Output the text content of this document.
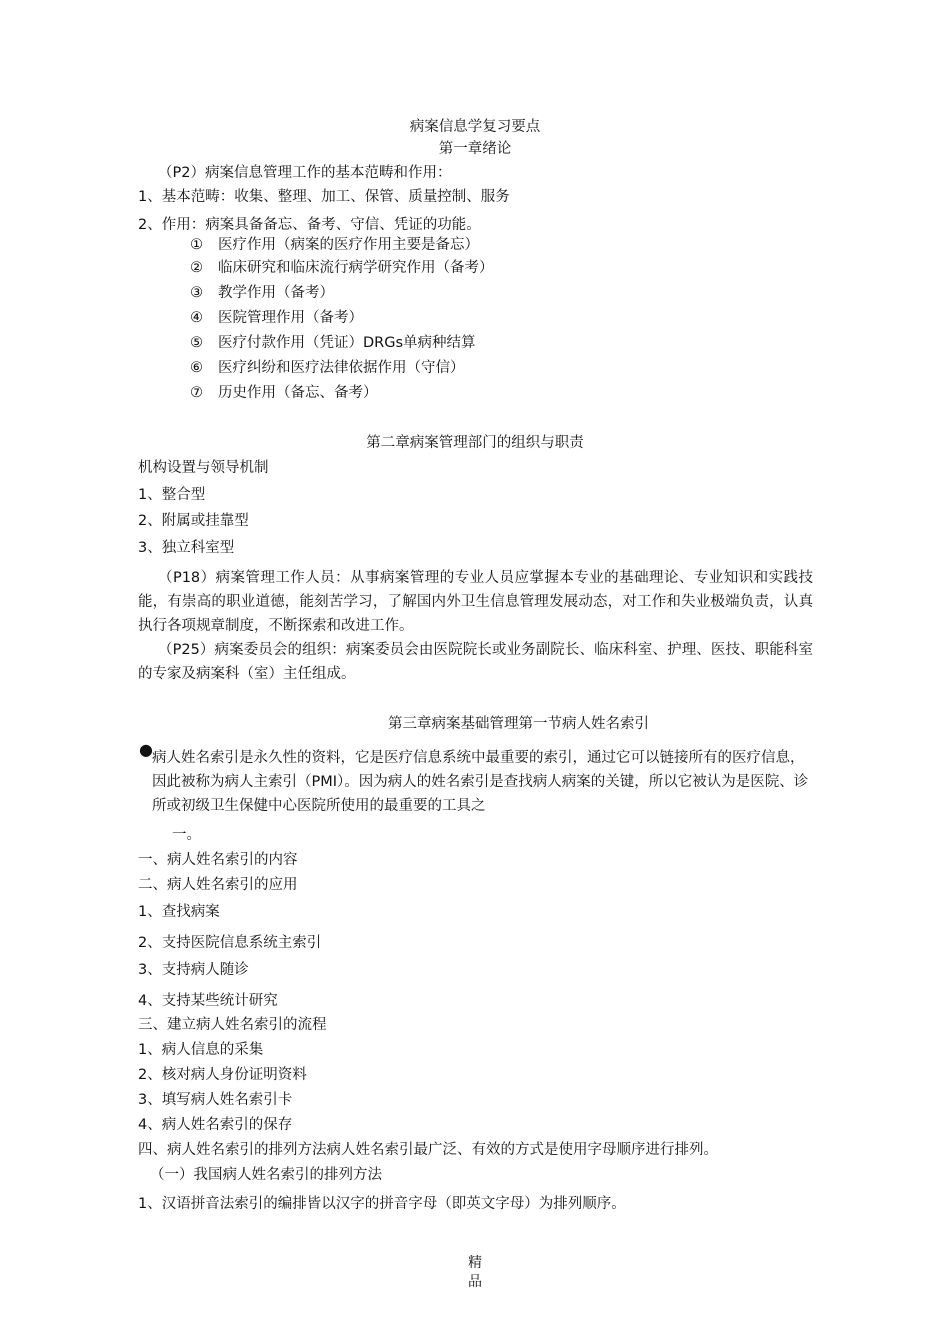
病案信息学复习要点
第一章绪论
（P2）病案信息管理工作的基本范畴和作用：
1、基本范畴：收集、整理、加工、保管、质量控制、服务
2、作用：病案具备备忘、备考、守信、凭证的功能。
① 医疗作用（病案的医疗作用主要是备忘）
② 临床研究和临床流行病学研究作用（备考）
③ 教学作用（备考）
④ 医院管理作用（备考）
⑤ 医疗付款作用（凭证）DRGs单病种结算
⑥ 医疗纠纷和医疗法律依据作用（守信）
⑦ 历史作用（备忘、备考）
第二章病案管理部门的组织与职责
机构设置与领导机制
1、整合型
2、附属或挂靠型
3、独立科室型
（P18）病案管理工作人员：从事病案管理的专业人员应掌握本专业的基础理论、专业知识和实践技能，有崇高的职业道德，能刻苦学习，了解国内外卫生信息管理发展动态，对工作和失业极端负责，认真执行各项规章制度，不断探索和改进工作。
（P25）病案委员会的组织：病案委员会由医院院长或业务副院长、临床科室、护理、医技、职能科室的专家及病案科（室）主任组成。
第三章病案基础管理第一节病人姓名索引
● 病人姓名索引是永久性的资料，它是医疗信息系统中最重要的索引，通过它可以链接所有的医疗信息，因此被称为病人主索引（PMI）。因为病人的姓名索引是查找病人病案的关键，所以它被认为是医院、诊所或初级卫生保健中心医院所使用的最重要的工具之
一。
一、病人姓名索引的内容
二、病人姓名索引的应用
1、查找病案
2、支持医院信息系统主索引
3、支持病人随诊
4、支持某些统计研究
三、建立病人姓名索引的流程
1、病人信息的采集
2、核对病人身份证明资料
3、填写病人姓名索引卡
4、病人姓名索引的保存
四、病人姓名索引的排列方法病人姓名索引最广泛、有效的方式是使用字母顺序进行排列。
（一）我国病人姓名索引的排列方法
1、汉语拼音法索引的编排皆以汉字的拼音字母（即英文字母）为排列顺序。
精
品
